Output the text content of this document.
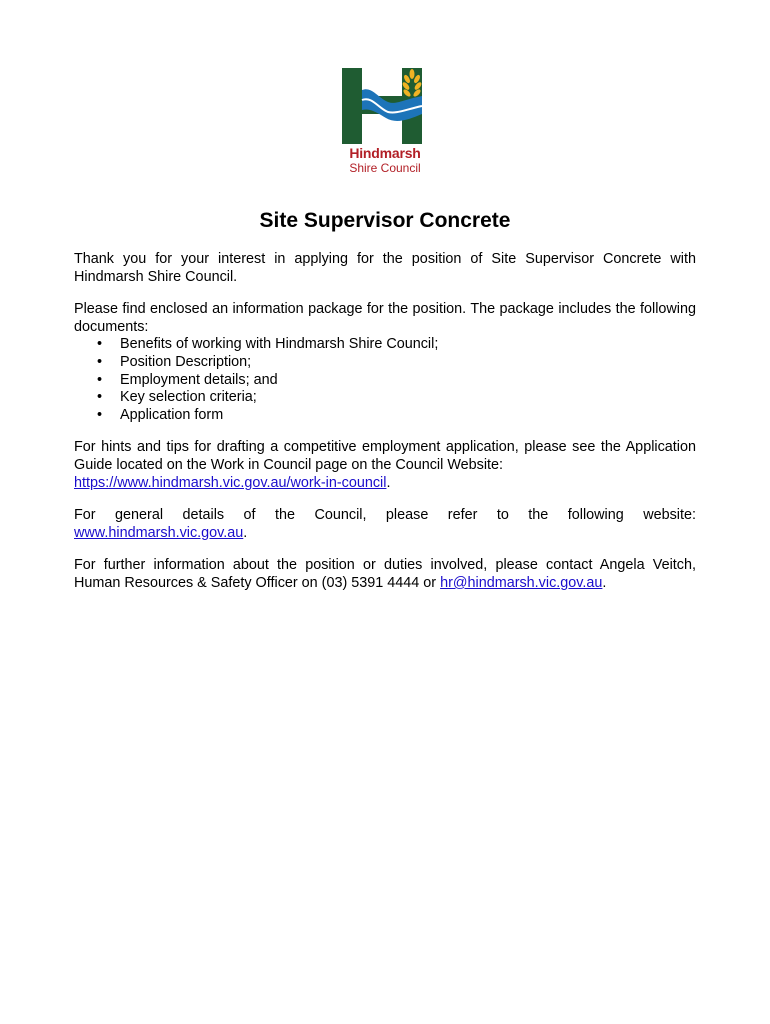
Hindmarsh
Shire Council
Site Supervisor Concrete

Thank you for your interest in applying for the position of Site Supervisor Concrete with Hindmarsh Shire Council.

Please find enclosed an information package for the position. The package includes the following documents:
• Benefits of working with Hindmarsh Shire Council;
• Position Description;
• Employment details; and
• Key selection criteria;
• Application form

For hints and tips for drafting a competitive employment application, please see the Application Guide located on the Work in Council page on the Council Website:
https://www.hindmarsh.vic.gov.au/work-in-council.

For general details of the Council, please refer to the following website:
www.hindmarsh.vic.gov.au.

For further information about the position or duties involved, please contact Angela Veitch, Human Resources & Safety Officer on (03) 5391 4444 or hr@hindmarsh.vic.gov.au.
